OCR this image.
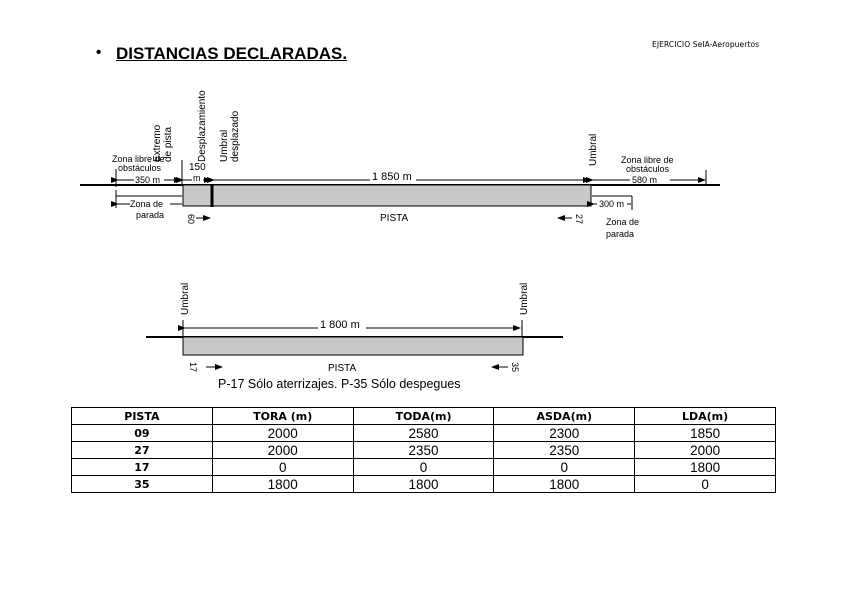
EJERCICIO SeIA-Aeropuertos
• DISTANCIAS DECLARADAS.
Extremo de pista Desplazamiento Umbral desplazado	Umbral
Zona libre de
obstáculos
350 m
150
m	1 850 m
Zona libre de
obstáculos
580 m
Zona de
parada
300 m
Zona de
parada
60	PISTA	27
Umbral	Umbral
1 800 m
17	PISTA	35
P-17 Sólo aterrizajes. P-35 Sólo despegues
PISTA	TORA (m)	TODA(m)	ASDA(m)	LDA(m)
09	2000	2580	2300	1850
27	2000	2350	2350	2000
17	0	0	0	1800
35	1800	1800	1800	0
